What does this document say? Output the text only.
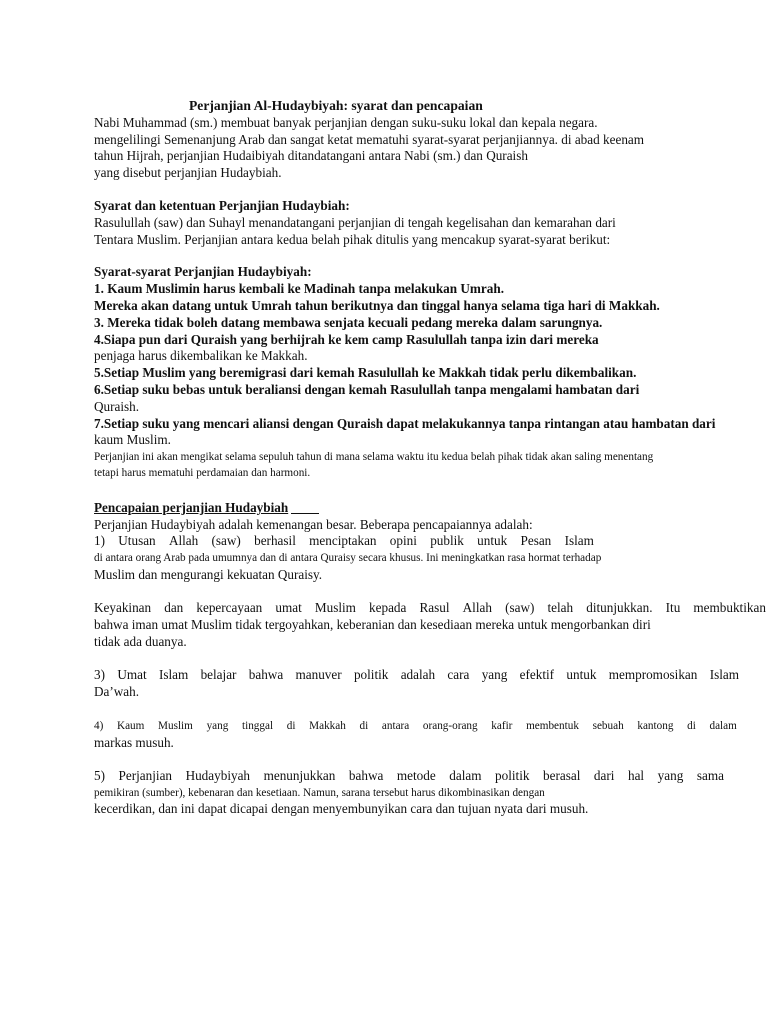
Perjanjian Al-Hudaybiyah: syarat dan pencapaian
Nabi Muhammad (sm.) membuat banyak perjanjian dengan suku-suku lokal dan kepala negara.
mengelilingi Semenanjung Arab dan sangat ketat mematuhi syarat-syarat perjanjiannya. di abad keenam
tahun Hijrah, perjanjian Hudaibiyah ditandatangani antara Nabi (sm.) dan Quraish
yang disebut perjanjian Hudaybiah.
Syarat dan ketentuan Perjanjian Hudaybiah:
Rasulullah (saw) dan Suhayl menandatangani perjanjian di tengah kegelisahan dan kemarahan dari
Tentara Muslim. Perjanjian antara kedua belah pihak ditulis yang mencakup syarat-syarat berikut:
Syarat-syarat Perjanjian Hudaybiyah:
1. Kaum Muslimin harus kembali ke Madinah tanpa melakukan Umrah.
Mereka akan datang untuk Umrah tahun berikutnya dan tinggal hanya selama tiga hari di Makkah.
3. Mereka tidak boleh datang membawa senjata kecuali pedang mereka dalam sarungnya.
4.Siapa pun dari Quraish yang berhijrah ke kem camp Rasulullah tanpa izin dari mereka
penjaga harus dikembalikan ke Makkah.
5.Setiap Muslim yang beremigrasi dari kemah Rasulullah ke Makkah tidak perlu dikembalikan.
6.Setiap suku bebas untuk beraliansi dengan kemah Rasulullah tanpa mengalami hambatan dari
Quraish.
7.Setiap suku yang mencari aliansi dengan Quraish dapat melakukannya tanpa rintangan atau hambatan dari
kaum Muslim.
Perjanjian ini akan mengikat selama sepuluh tahun di mana selama waktu itu kedua belah pihak tidak akan saling menentang
tetapi harus mematuhi perdamaian dan harmoni.
Pencapaian perjanjian Hudaybiah
Perjanjian Hudaybiyah adalah kemenangan besar. Beberapa pencapaiannya adalah:
1) Utusan Allah (saw) berhasil menciptakan opini publik untuk Pesan Islam
di antara orang Arab pada umumnya dan di antara Quraisy secara khusus. Ini meningkatkan rasa hormat terhadap
Muslim dan mengurangi kekuatan Quraisy.
Keyakinan dan kepercayaan umat Muslim kepada Rasul Allah (saw) telah ditunjukkan. Itu membuktikan
bahwa iman umat Muslim tidak tergoyahkan, keberanian dan kesediaan mereka untuk mengorbankan diri
tidak ada duanya.
3) Umat Islam belajar bahwa manuver politik adalah cara yang efektif untuk mempromosikan Islam
Da’wah.
4) Kaum Muslim yang tinggal di Makkah di antara orang-orang kafir membentuk sebuah kantong di dalam
markas musuh.
5) Perjanjian Hudaybiyah menunjukkan bahwa metode dalam politik berasal dari hal yang sama
pemikiran (sumber), kebenaran dan kesetiaan. Namun, sarana tersebut harus dikombinasikan dengan
kecerdikan, dan ini dapat dicapai dengan menyembunyikan cara dan tujuan nyata dari musuh.
